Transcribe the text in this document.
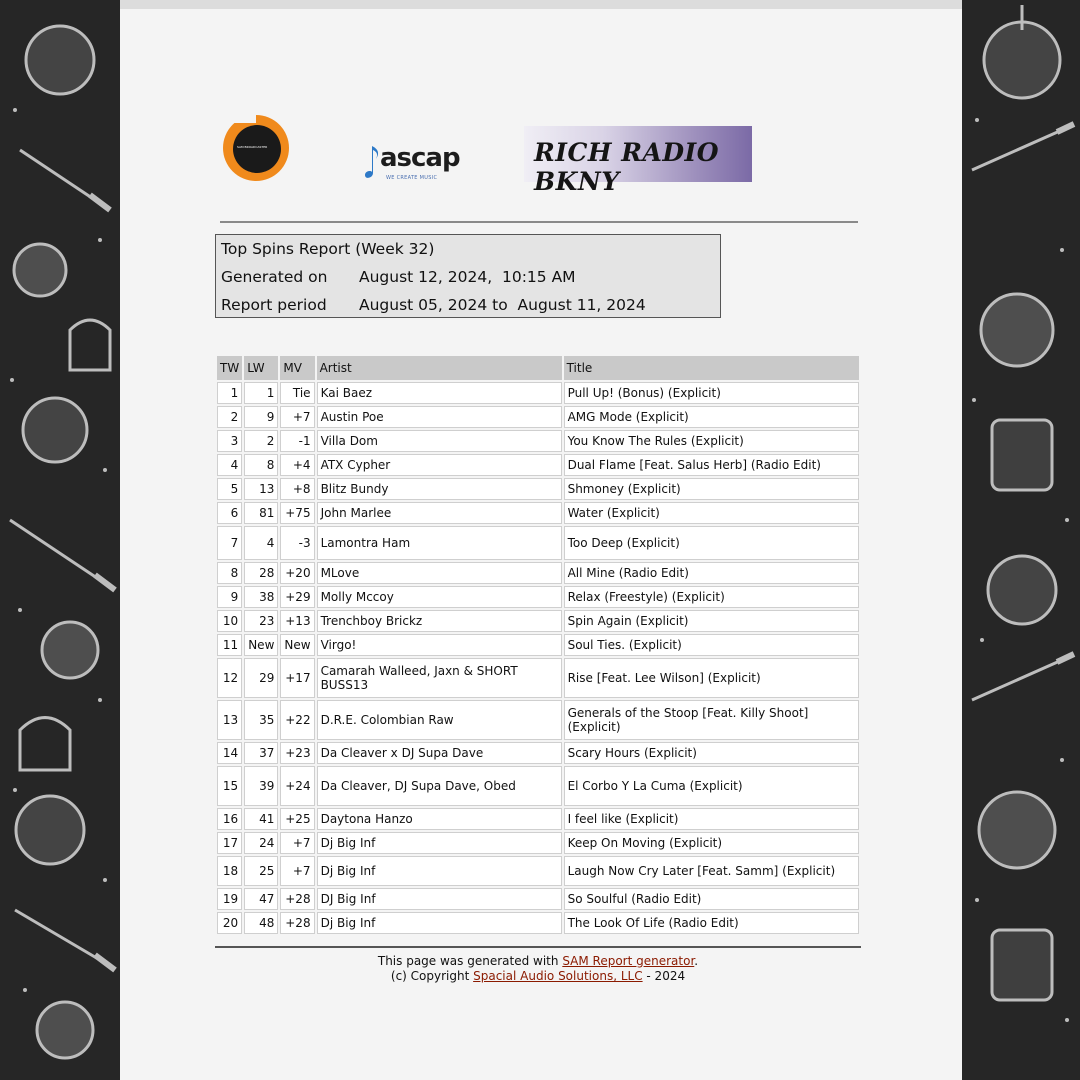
SAM BROADCASTER	ascap
WE CREATE MUSIC
RICH RADIO BKNY
Top Spins Report (Week 32)
Generated on August 12, 2024,  10:15 AM
Report period August 05, 2024 to  August 11, 2024
TW	LW	MV	Artist	Title
1	1	Tie	Kai Baez	Pull Up! (Bonus) (Explicit)
2	9	+7	Austin Poe	AMG Mode (Explicit)
3	2	-1	Villa Dom	You Know The Rules (Explicit)
4	8	+4	ATX Cypher	Dual Flame [Feat. Salus Herb] (Radio Edit)
5	13	+8	Blitz Bundy	Shmoney (Explicit)
6	81	+75	John Marlee	Water (Explicit)
7	4	-3	Lamontra Ham	Too Deep (Explicit)
8	28	+20	MLove	All Mine (Radio Edit)
9	38	+29	Molly Mccoy	Relax (Freestyle) (Explicit)
10	23	+13	Trenchboy Brickz	Spin Again (Explicit)
11	New	New	Virgo!	Soul Ties. (Explicit)
12	29	+17	Camarah Walleed, Jaxn & SHORT BUSS13	Rise [Feat. Lee Wilson] (Explicit)
13	35	+22	D.R.E. Colombian Raw	Generals of the Stoop [Feat. Killy Shoot] (Explicit)
14	37	+23	Da Cleaver x DJ Supa Dave	Scary Hours (Explicit)
15	39	+24	Da Cleaver, DJ Supa Dave, Obed	El Corbo Y La Cuma (Explicit)
16	41	+25	Daytona Hanzo	I feel like (Explicit)
17	24	+7	Dj Big Inf	Keep On Moving (Explicit)
18	25	+7	Dj Big Inf	Laugh Now Cry Later [Feat. Samm] (Explicit)
19	47	+28	DJ Big Inf	So Soulful (Radio Edit)
20	48	+28	Dj Big Inf	The Look Of Life (Radio Edit)
This page was generated with SAM Report generator.
(c) Copyright Spacial Audio Solutions, LLC - 2024
